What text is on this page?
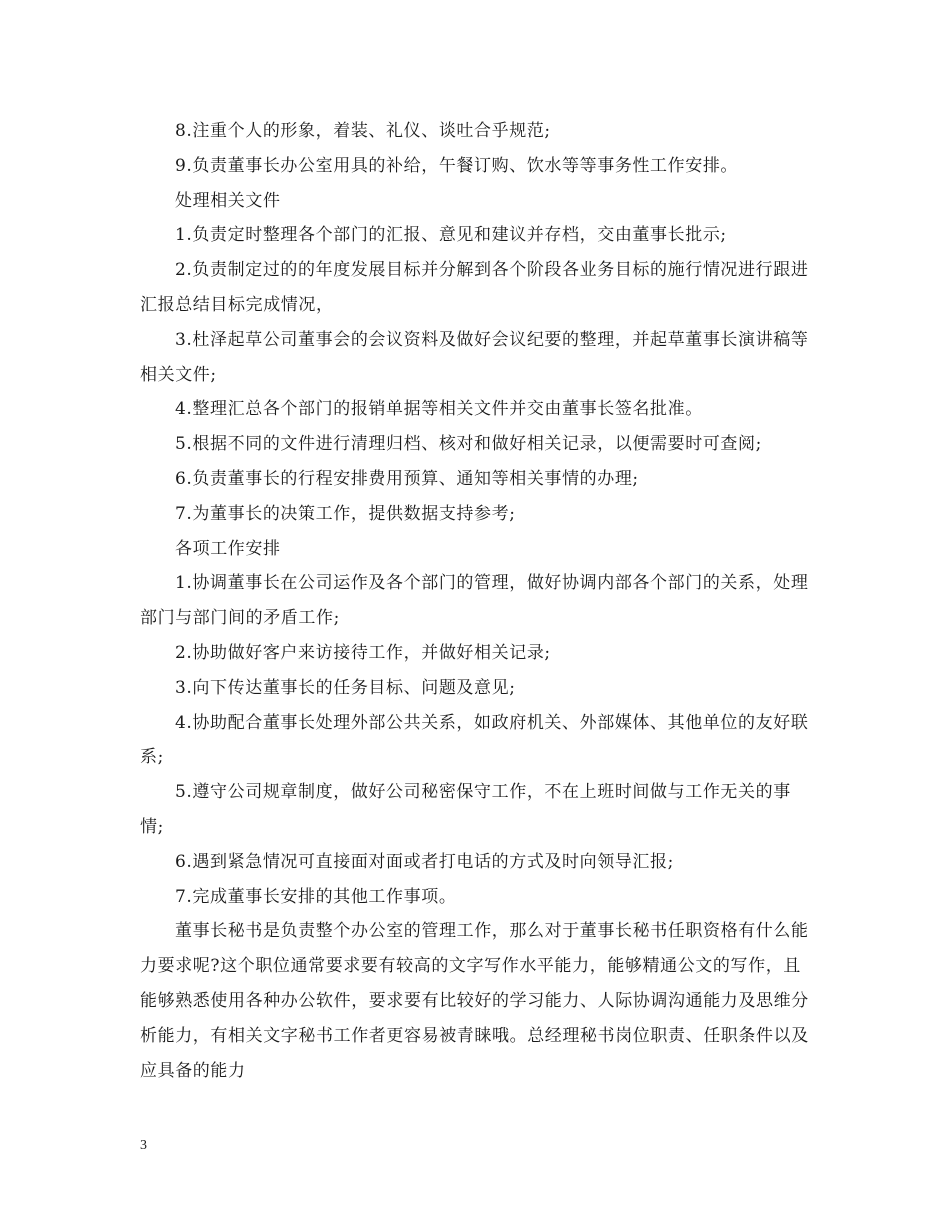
8.注重个人的形象，着装、礼仪、谈吐合乎规范;

9.负责董事长办公室用具的补给，午餐订购、饮水等等事务性工作安排。

处理相关文件

1.负责定时整理各个部门的汇报、意见和建议并存档，交由董事长批示;

2.负责制定过的的年度发展目标并分解到各个阶段各业务目标的施行情况进行跟进汇报总结目标完成情况，

3.杜泽起草公司董事会的会议资料及做好会议纪要的整理，并起草董事长演讲稿等相关文件;

4.整理汇总各个部门的报销单据等相关文件并交由董事长签名批准。

5.根据不同的文件进行清理归档、核对和做好相关记录，以便需要时可查阅;

6.负责董事长的行程安排费用预算、通知等相关事情的办理;

7.为董事长的决策工作，提供数据支持参考;

各项工作安排

1.协调董事长在公司运作及各个部门的管理，做好协调内部各个部门的关系，处理部门与部门间的矛盾工作;

2.协助做好客户来访接待工作，并做好相关记录;

3.向下传达董事长的任务目标、问题及意见;

4.协助配合董事长处理外部公共关系，如政府机关、外部媒体、其他单位的友好联系;

5.遵守公司规章制度，做好公司秘密保守工作，不在上班时间做与工作无关的事情;

6.遇到紧急情况可直接面对面或者打电话的方式及时向领导汇报;

7.完成董事长安排的其他工作事项。

董事长秘书是负责整个办公室的管理工作，那么对于董事长秘书任职资格有什么能力要求呢?这个职位通常要求要有较高的文字写作水平能力，能够精通公文的写作，且能够熟悉使用各种办公软件，要求要有比较好的学习能力、人际协调沟通能力及思维分析能力，有相关文字秘书工作者更容易被青睐哦。总经理秘书岗位职责、任职条件以及应具备的能力

3
